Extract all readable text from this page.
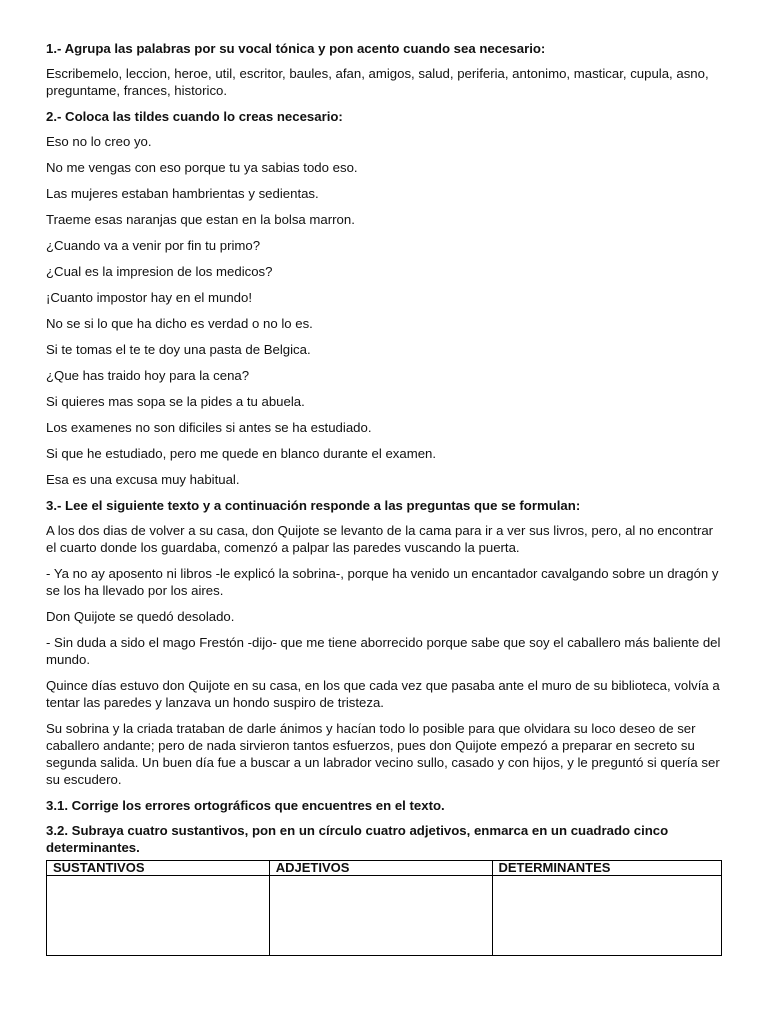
1.- Agrupa las palabras por su vocal tónica y pon acento cuando sea necesario:
Escribemelo, leccion, heroe, util, escritor, baules, afan, amigos, salud, periferia, antonimo, masticar, cupula, asno, preguntame, frances, historico.
2.- Coloca las tildes cuando lo creas necesario:
Eso no lo creo yo.
No me vengas con eso porque tu ya sabias todo eso.
Las mujeres estaban hambrientas y sedientas.
Traeme esas naranjas que estan en la bolsa marron.
¿Cuando va a venir por fin tu primo?
¿Cual es la impresion de los medicos?
¡Cuanto impostor hay en el mundo!
No se si lo que ha dicho es verdad o no lo es.
Si te tomas el te te doy una pasta de Belgica.
¿Que has traido hoy para la cena?
Si quieres mas sopa se la pides a tu abuela.
Los examenes no son dificiles si antes se ha estudiado.
Si que he estudiado, pero me quede en blanco durante el examen.
Esa es una excusa muy habitual.
3.- Lee el siguiente texto y a continuación responde a las preguntas que se formulan:
A los dos dias de volver a su casa, don Quijote se levanto de la cama para ir a ver sus livros, pero, al no encontrar el cuarto donde los guardaba, comenzó a palpar las paredes vuscando la puerta.
- Ya no ay aposento ni libros -le explicó la sobrina-, porque ha venido un encantador cavalgando sobre un dragón y se los ha llevado por los aires.
Don Quijote se quedó desolado.
- Sin duda a sido el mago Frestón -dijo- que me tiene aborrecido porque sabe que soy el caballero más baliente del mundo.
Quince días estuvo don Quijote en su casa, en los que cada vez que pasaba ante el muro de su biblioteca, volvía a tentar las paredes y lanzava un hondo suspiro de tristeza.
Su sobrina y la criada trataban de darle ánimos y hacían todo lo posible para que olvidara su loco deseo de ser caballero andante; pero de nada sirvieron tantos esfuerzos, pues don Quijote empezó a preparar en secreto su segunda salida. Un buen día fue a buscar a un labrador vecino sullo, casado y con hijos, y le preguntó si quería ser su escudero.
3.1. Corrige los errores ortográficos que encuentres en el texto.
3.2. Subraya cuatro sustantivos, pon en un círculo cuatro adjetivos, enmarca en un cuadrado cinco determinantes.
SUSTANTIVOS	ADJETIVOS	DETERMINANTES
